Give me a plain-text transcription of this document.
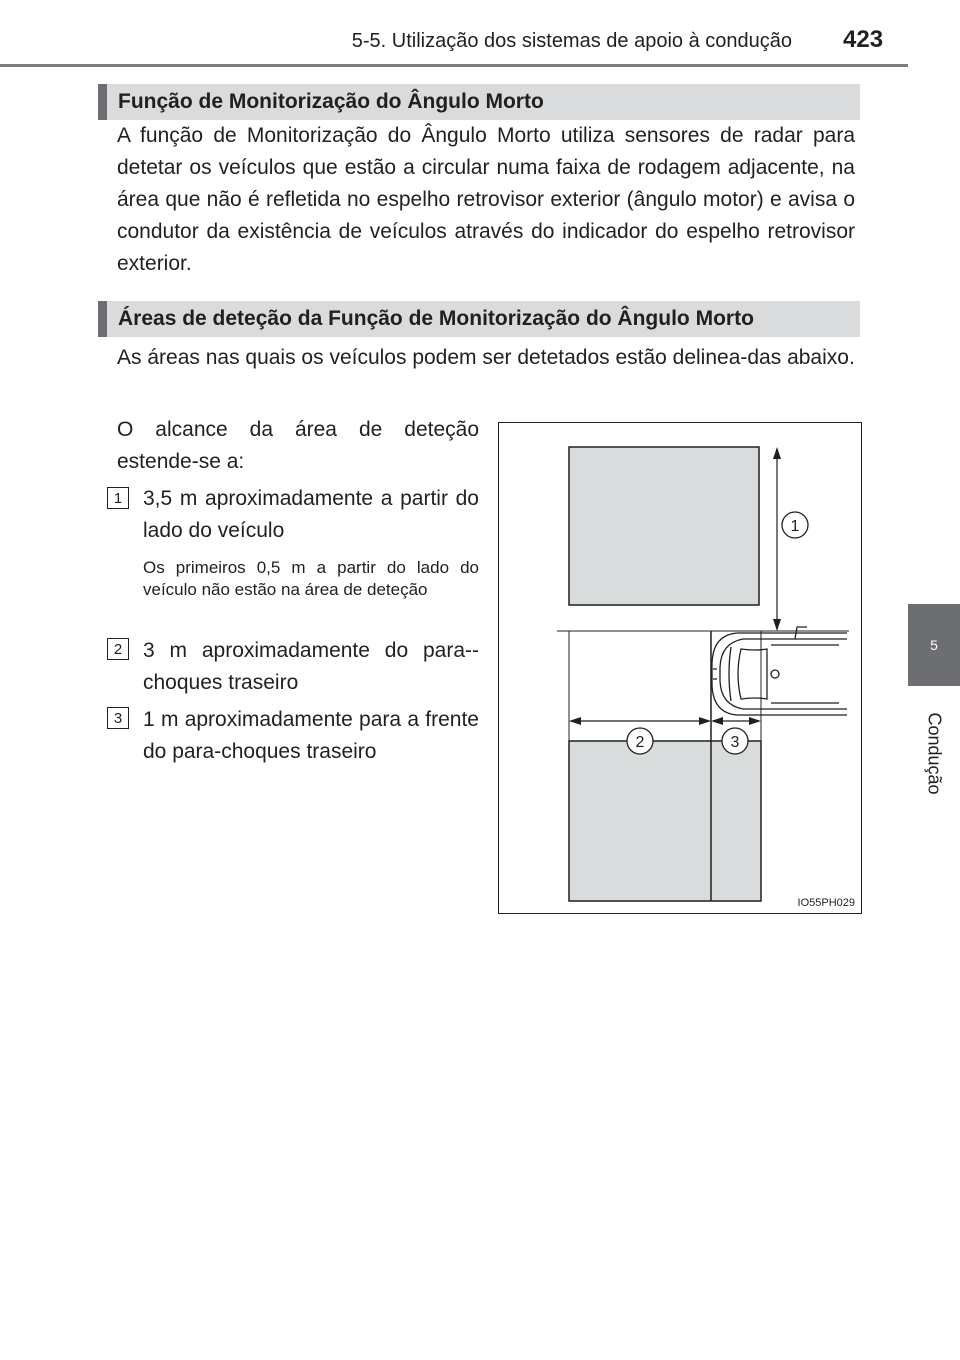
5-5. Utilização dos sistemas de apoio à condução 423
5
Condução
Função de Monitorização do Ângulo Morto

A função de Monitorização do Ângulo Morto utiliza sensores de radar para detetar os veículos que estão a circular numa faixa de rodagem adjacente, na área que não é refletida no espelho retrovisor exterior (ângulo motor) e avisa o condutor da existência de veículos através do indicador do espelho retrovisor exterior.

Áreas de deteção da Função de Monitorização do Ângulo Morto

As áreas nas quais os veículos podem ser detetados estão delinea-das abaixo.

O alcance da área de deteção estende-se a:

1 3,5 m aproximadamente a partir do lado do veículo

Os primeiros 0,5 m a partir do lado do veículo não estão na área de deteção

2 3 m aproximadamente do para--choques traseiro

3 1 m aproximadamente para a frente do para-choques traseiro

1
2	3
IO55PH029
